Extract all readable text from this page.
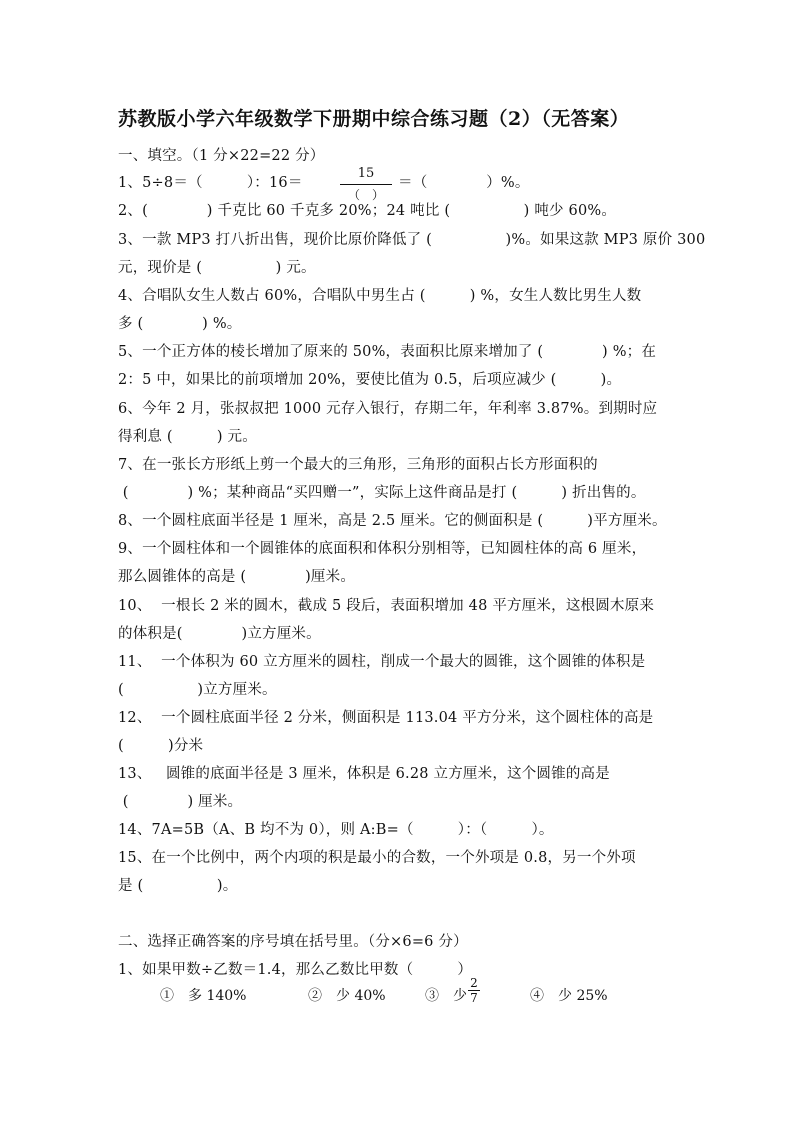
苏教版小学六年级数学下册期中综合练习题（2）（无答案）
一、填空。（1 分×22=22 分）
1、5÷8＝（　　　）：16＝
15
（　）
＝（　　　　）%。
2、(　　　　) 千克比 60 千克多 20%；24 吨比 (　　　　　) 吨少 60%。
3、一款 MP3 打八折出售，现价比原价降低了 (　　　　　)%。如果这款 MP3 原价 300
元，现价是 (　　　　　) 元。
4、合唱队女生人数占 60%，合唱队中男生占 (　　　) %，女生人数比男生人数
多 (　　　　) %。
5、一个正方体的棱长增加了原来的 50%，表面积比原来增加了 (　　　　) %；在
2：5 中，如果比的前项增加 20%，要使比值为 0.5，后项应减少 (　　　)。
6、今年 2 月，张叔叔把 1000 元存入银行，存期二年，年利率 3.87%。到期时应
得利息 (　　　) 元。
7、在一张长方形纸上剪一个最大的三角形，三角形的面积占长方形面积的
(　　　　) %；某种商品“买四赠一”，实际上这件商品是打 (　　　) 折出售的。
8、一个圆柱底面半径是 1 厘米，高是 2.5 厘米。它的侧面积是 (　　　)平方厘米。
9、一个圆柱体和一个圆锥体的底面积和体积分别相等，已知圆柱体的高 6 厘米，
那么圆锥体的高是 (　　　　)厘米。
10、  一根长 2 米的圆木，截成 5 段后，表面积增加 48 平方厘米，这根圆木原来
的体积是(　　　　)立方厘米。
11、  一个体积为 60 立方厘米的圆柱，削成一个最大的圆锥，这个圆锥的体积是
(　　　　　)立方厘米。
12、  一个圆柱底面半径 2 分米，侧面积是 113.04 平方分米，这个圆柱体的高是
(　　　)分米
13、   圆锥的底面半径是 3 厘米，体积是 6.28 立方厘米，这个圆锥的高是
(　　　　) 厘米。
14、7A=5B（A、B 均不为 0），则 A:B=（　　　）：（　　　）。
15、在一个比例中，两个内项的积是最小的合数，一个外项是 0.8，另一个外项
是 (　　　　　)。
二、选择正确答案的序号填在括号里。（分×6=6 分）
1、如果甲数÷乙数＝1.4，那么乙数比甲数（　　　）
①　多 140%	②　少 40%	③　少
2
7	④　少 25%
